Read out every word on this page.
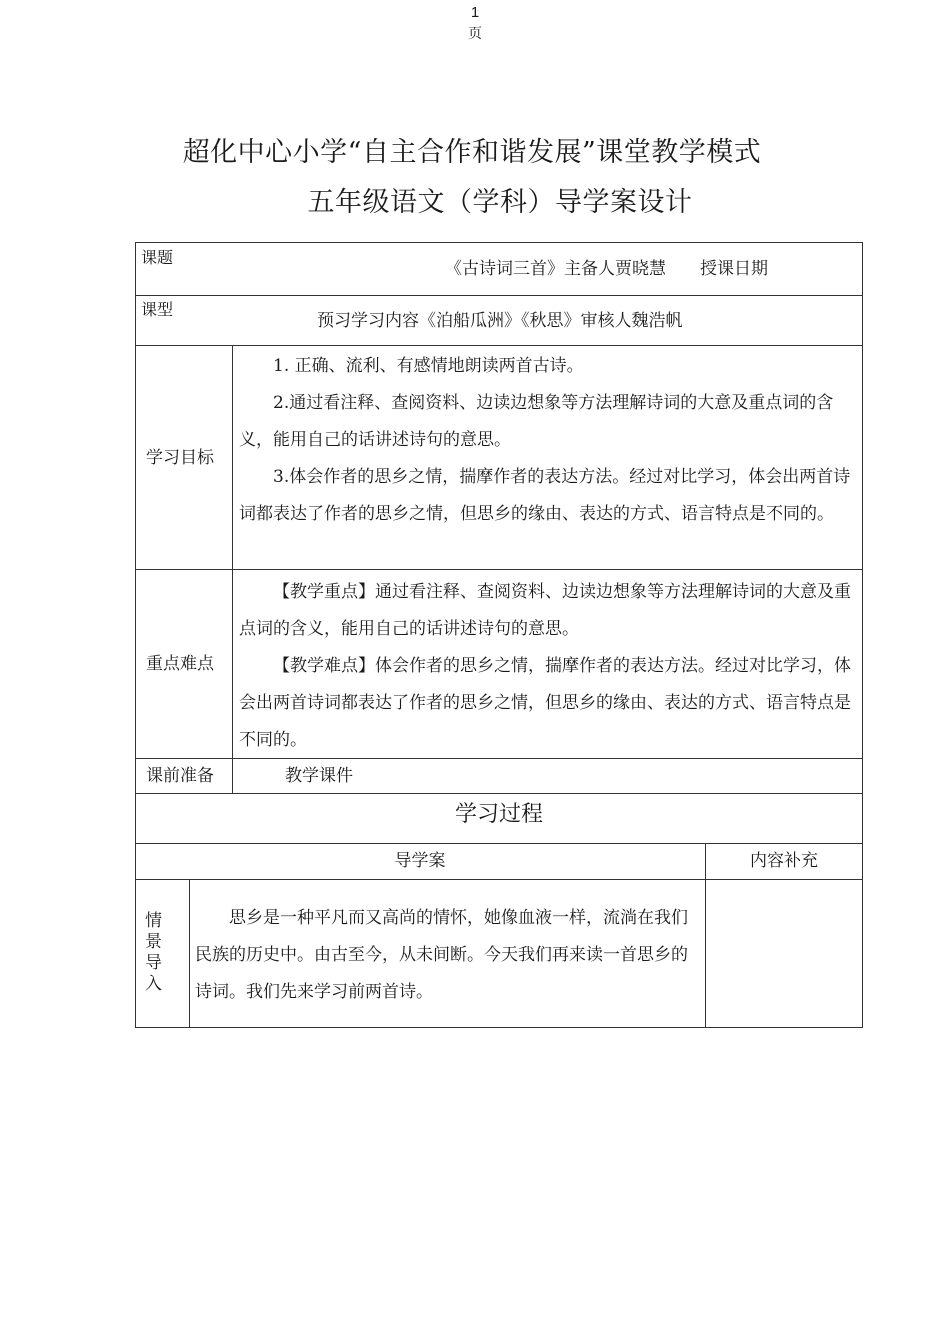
1
页
超化中心小学“自主合作和谐发展”课堂教学模式
五年级语文（学科）导学案设计
课题
《古诗词三首》主备人贾晓慧　　授课日期
课型
预习学习内容《泊船瓜洲》《秋思》审核人魏浩帆
学习目标

1. 正确、流利、有感情地朗读两首古诗。

2.通过看注释、查阅资料、边读边想象等方法理解诗词的大意及重点词的含义，能用自己的话讲述诗句的意思。

3.体会作者的思乡之情，揣摩作者的表达方法。经过对比学习，体会出两首诗词都表达了作者的思乡之情，但思乡的缘由、表达的方式、语言特点是不同的。

重点难点

【教学重点】通过看注释、查阅资料、边读边想象等方法理解诗词的大意及重点词的含义，能用自己的话讲述诗句的意思。

【教学难点】体会作者的思乡之情，揣摩作者的表达方法。经过对比学习，体会出两首诗词都表达了作者的思乡之情，但思乡的缘由、表达的方式、语言特点是不同的。

课前准备	教学课件
学习过程
导学案	内容补充
情景导入

思乡是一种平凡而又高尚的情怀，她像血液一样，流淌在我们民族的历史中。由古至今，从未间断。今天我们再来读一首思乡的诗词。我们先来学习前两首诗。
